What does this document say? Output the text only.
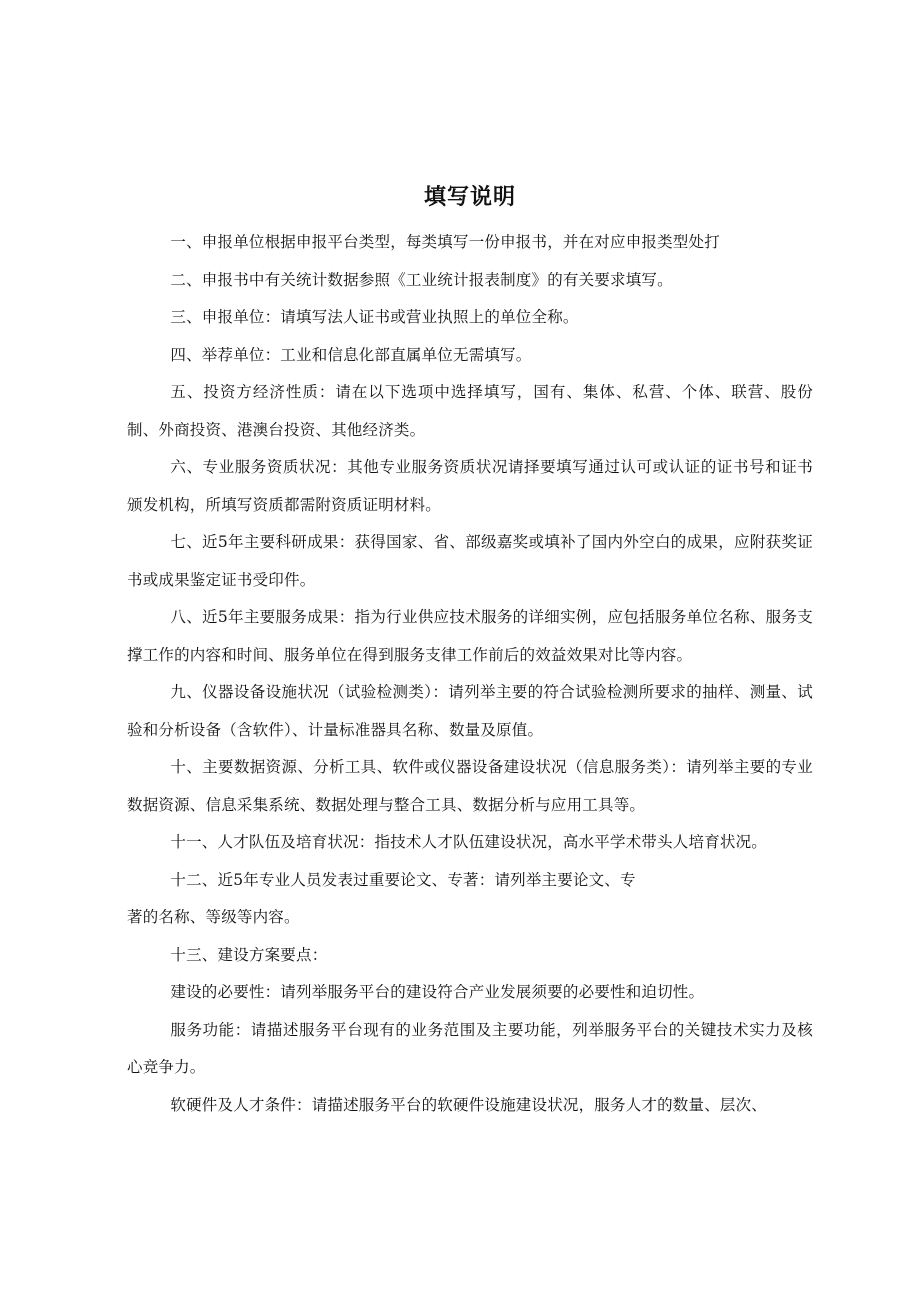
填写说明

一、申报单位根据申报平台类型，每类填写一份申报书，并在对应申报类型处打

二、申报书中有关统计数据参照《工业统计报表制度》的有关要求填写。

三、申报单位：请填写法人证书或营业执照上的单位全称。

四、举荐单位：工业和信息化部直属单位无需填写。

五、投资方经济性质：请在以下选项中选择填写，国有、集体、私营、个体、联营、股份制、外商投资、港澳台投资、其他经济类。

六、专业服务资质状况：其他专业服务资质状况请择要填写通过认可或认证的证书号和证书颁发机构，所填写资质都需附资质证明材料。

七、近5年主要科研成果：获得国家、省、部级嘉奖或填补了国内外空白的成果，应附获奖证书或成果鉴定证书受印件。

八、近5年主要服务成果：指为行业供应技术服务的详细实例，应包括服务单位名称、服务支撑工作的内容和时间、服务单位在得到服务支律工作前后的效益效果对比等内容。

九、仪器设备设施状况（试验检测类）：请列举主要的符合试验检测所要求的抽样、测量、试验和分析设备（含软件）、计量标准器具名称、数量及原值。

十、主要数据资源、分析工具、软件或仪器设备建设状况（信息服务类）：请列举主要的专业数据资源、信息采集系统、数据处理与整合工具、数据分析与应用工具等。

十一、人才队伍及培育状况：指技术人才队伍建设状况，高水平学术带头人培育状况。

十二、近5年专业人员发表过重要论文、专著：请列举主要论文、专

著的名称、等级等内容。

十三、建设方案要点：

建设的必要性：请列举服务平台的建设符合产业发展须要的必要性和迫切性。

服务功能：请描述服务平台现有的业务范围及主要功能，列举服务平台的关键技术实力及核心竞争力。

软硬件及人才条件：请描述服务平台的软硬件设施建设状况，服务人才的数量、层次、
